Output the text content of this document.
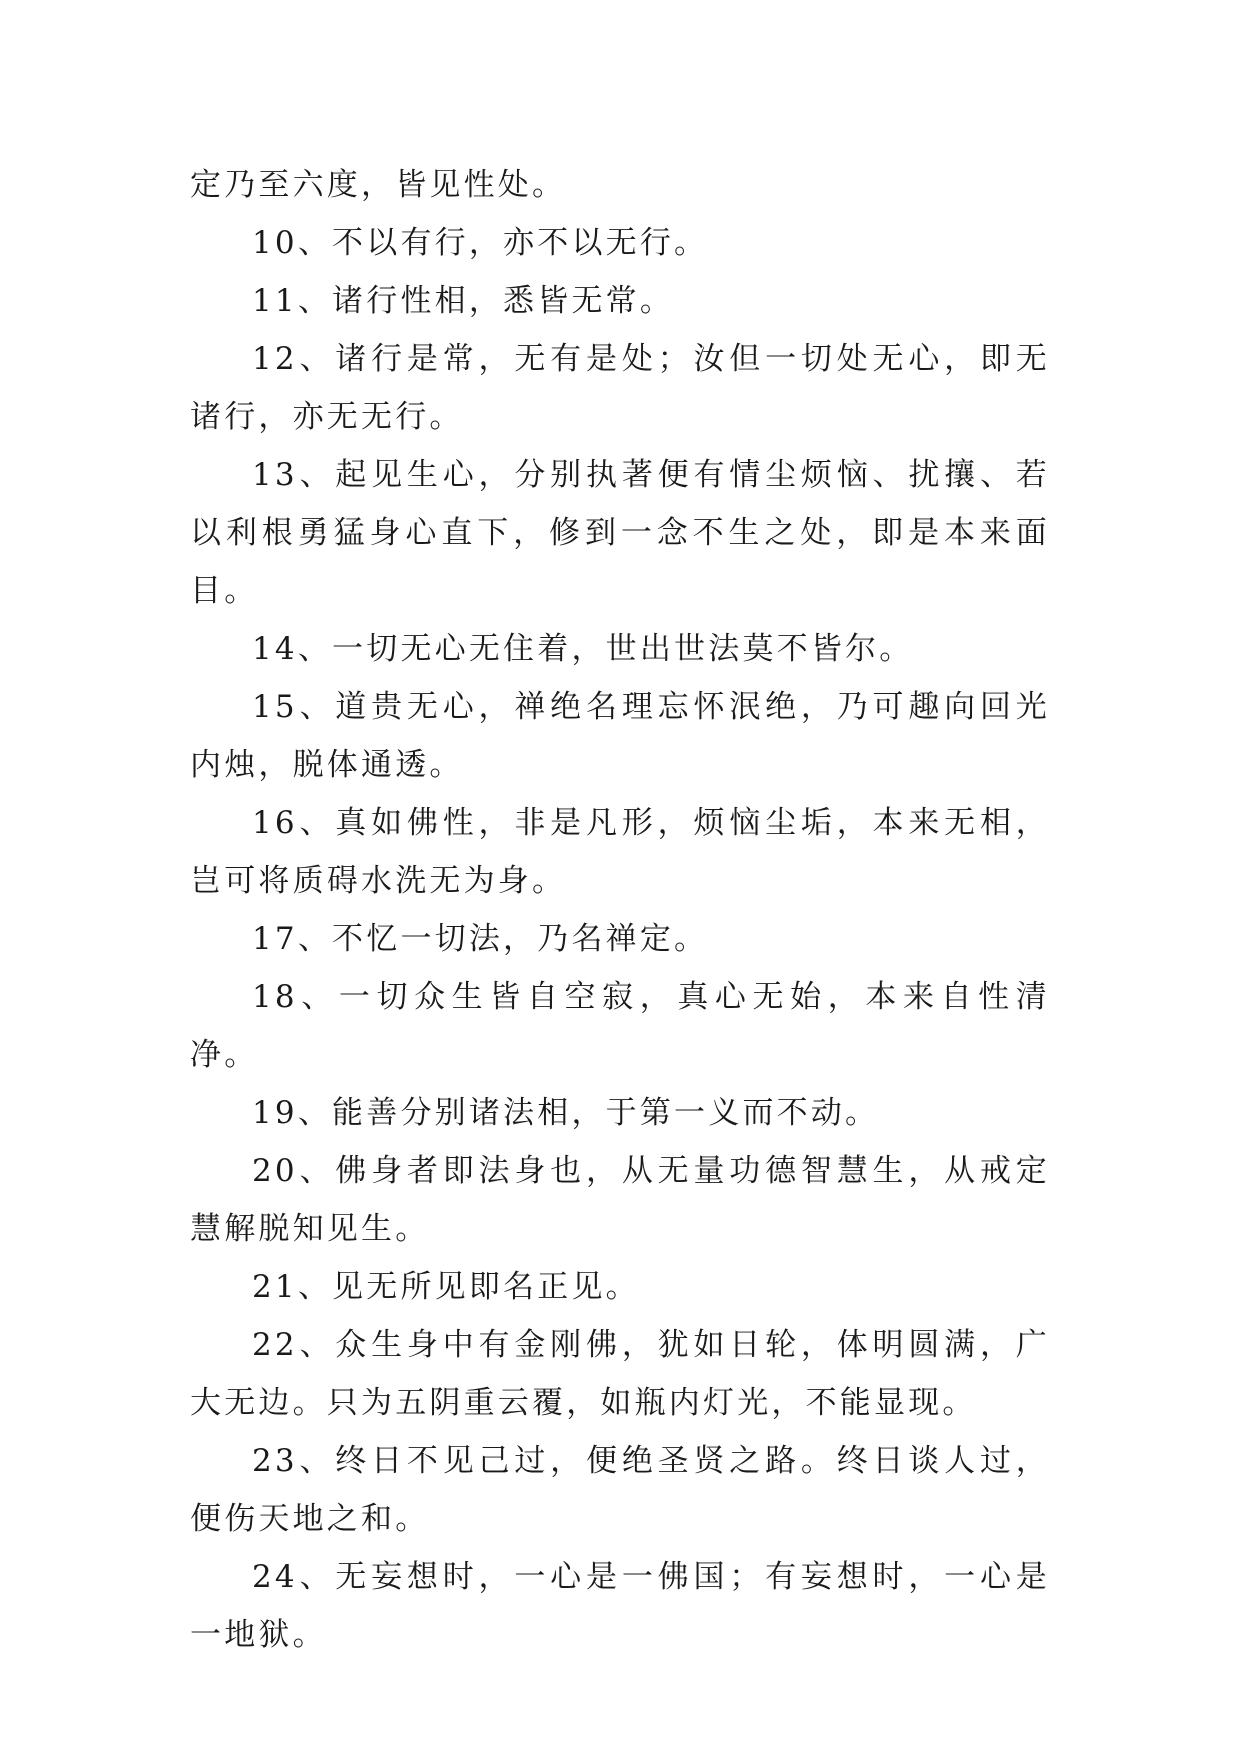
定乃至六度，皆见性处。

10、不以有行，亦不以无行。

11、诸行性相，悉皆无常。

12、诸行是常，无有是处；汝但一切处无心，即无诸行，亦无无行。

13、起见生心，分别执著便有情尘烦恼、扰攘、若以利根勇猛身心直下，修到一念不生之处，即是本来面目。

14、一切无心无住着，世出世法莫不皆尔。

15、道贵无心，禅绝名理忘怀泯绝，乃可趣向回光内烛，脱体通透。

16、真如佛性，非是凡形，烦恼尘垢，本来无相，岂可将质碍水洗无为身。

17、不忆一切法，乃名禅定。

18、一切众生皆自空寂，真心无始，本来自性清净。

19、能善分别诸法相，于第一义而不动。

20、佛身者即法身也，从无量功德智慧生，从戒定慧解脱知见生。

21、见无所见即名正见。

22、众生身中有金刚佛，犹如日轮，体明圆满，广大无边。只为五阴重云覆，如瓶内灯光，不能显现。

23、终日不见己过，便绝圣贤之路。终日谈人过，便伤天地之和。

24、无妄想时，一心是一佛国；有妄想时，一心是一地狱。
